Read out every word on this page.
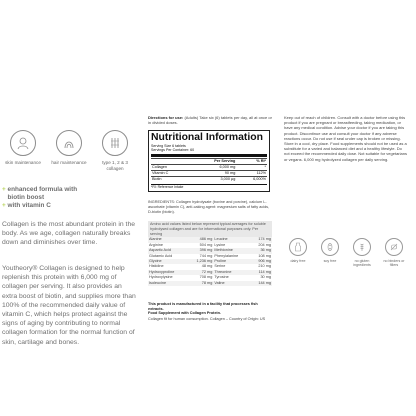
skin maintenance hair maintenance	type 1, 2 & 3 collagen
+ enhanced formula with
biotin boost
+ with vitamin C

Collagen is the most abundant protein in the body. As we age, collagen naturally breaks down and diminishes over time.

Youtheory® Collagen is designed to help replenish this protein with 6,000 mg of collagen per serving. It also provides an extra boost of biotin, and supplies more than 100% of the recommended daily value of vitamin C, which helps protect against the signs of aging by contributing to normal collagen formation for the normal function of skin, cartilage and bones.

Directions for use: (Adults) Take six (6) tablets per day, all at once or in divided doses.

Nutritional Information
Serving Size 6 tablets
Servings Per Container: 60
	Per Serving	% RI*
Collagen	6,000 mg	*
Vitamin C	90 mg	112%
Biotin	3,000 μg	6,000%
*RI: Reference Intake

INGREDIENTS: Collagen hydrolysate (bovine and porcine), calcium L-ascorbate (vitamin C), anti-caking agent: magnesium salts of fatty acids, D-biotin (biotin).

Amino acid values listed below represent typical averages for soluble hydrolysed collagen and are for informational purposes only. Per serving
Alanine	486 mg	Leucine	174 mg
Arginine	504 mg	Lysine	204 mg
Aspartic Acid	396 mg	Methionine	36 mg
Glutamic Acid	744 mg	Phenylalanine	108 mg
Glycine	1,236 mg	Proline	906 mg
Histidine	48 mg	Serine	210 mg
Hydroxyproline	72 mg	Threonine	114 mg
Hydroxylysine	708 mg	Tyrosine	30 mg
Isoleucine	78 mg	Valine	144 mg

This product is manufactured in a facility that processes fish extracts.

Food Supplement with Collagen Protein.

Collagen fit for human consumption. Collagen – Country of Origin: US

Keep out of reach of children. Consult with a doctor before using this product if you are pregnant or breastfeeding, taking medication, or have any medical condition. Advise your doctor if you are taking this product. Discontinue use and consult your doctor if any adverse reactions occur. Do not use if seal under cap is broken or missing. Store in a cool, dry place. Food supplements should not be used as a substitute for a varied and balanced diet and a healthy lifestyle. Do not exceed the recommended daily dose. Not suitable for vegetarians or vegans. 6,000 mg hydrolyzed collagen per daily serving.

dairy free	soy free	no gluten ingredients
no binders or fillers
